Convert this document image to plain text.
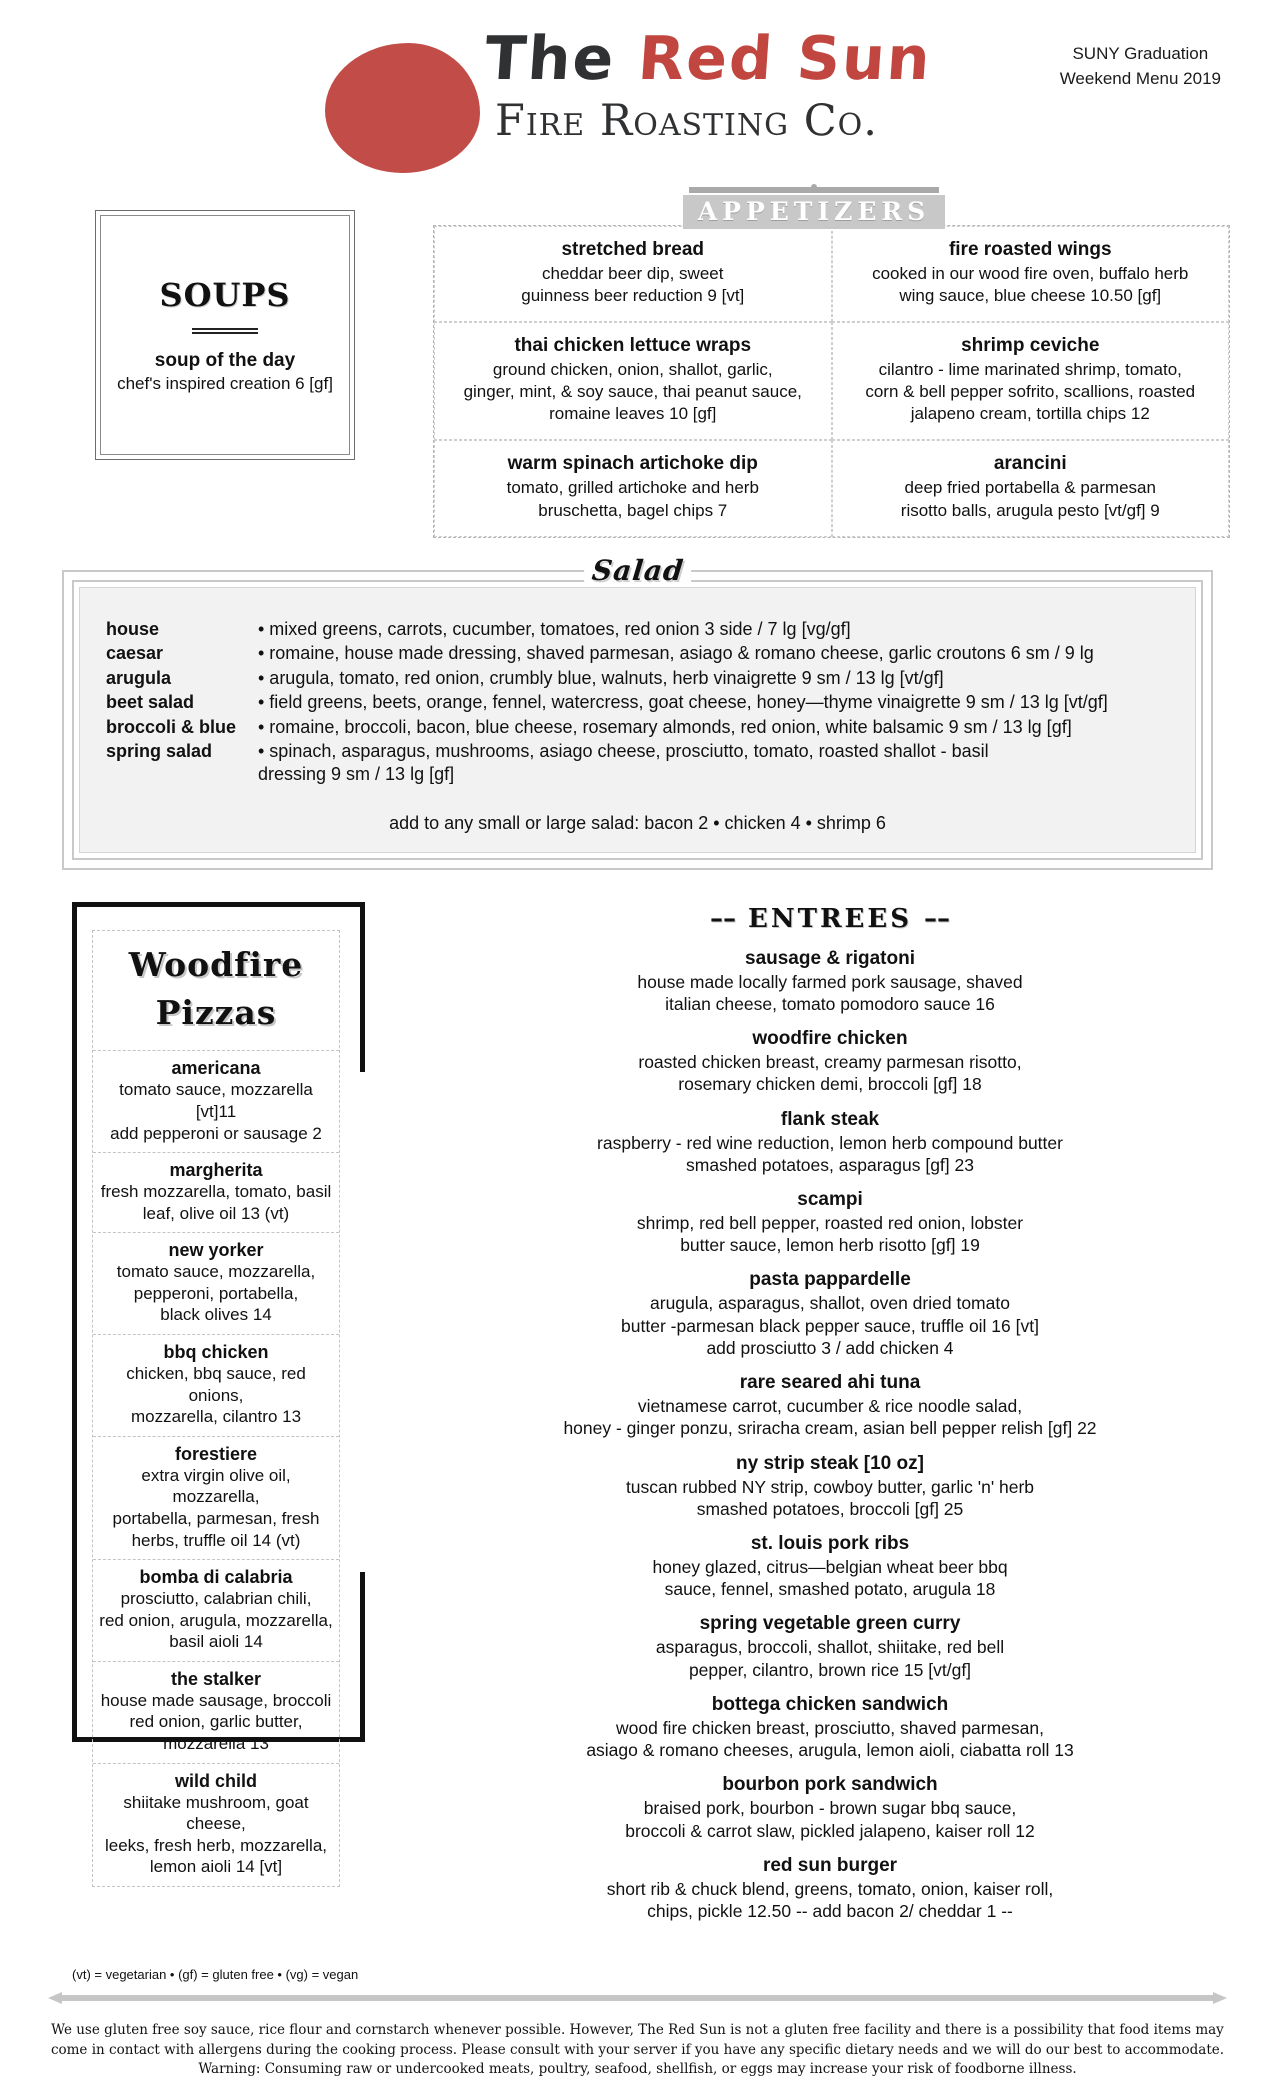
The Red Sun
Fire Roasting Co.
SUNY Graduation
Weekend Menu 2019
APPETIZERS
SOUPS
soup of the day
chef's inspired creation 6 [gf]
stretched bread
cheddar beer dip, sweet
guinness beer reduction 9 [vt]
fire roasted wings
cooked in our wood fire oven, buffalo herb
wing sauce, blue cheese 10.50 [gf]
thai chicken lettuce wraps
ground chicken, onion, shallot, garlic,
ginger, mint, & soy sauce, thai peanut sauce,
romaine leaves 10 [gf]
shrimp ceviche
cilantro - lime marinated shrimp, tomato,
corn & bell pepper sofrito, scallions, roasted
jalapeno cream, tortilla chips 12
warm spinach artichoke dip
tomato, grilled artichoke and herb
bruschetta, bagel chips 7
arancini
deep fried portabella & parmesan
risotto balls, arugula pesto [vt/gf] 9
Salad
house	• mixed greens, carrots, cucumber, tomatoes, red onion 3 side / 7 lg [vg/gf]
caesar	• romaine, house made dressing, shaved parmesan, asiago & romano cheese, garlic croutons 6 sm / 9 lg
arugula	• arugula, tomato, red onion, crumbly blue, walnuts, herb vinaigrette 9 sm / 13 lg [vt/gf]
beet salad	• field greens, beets, orange, fennel, watercress, goat cheese, honey—thyme vinaigrette 9 sm / 13 lg [vt/gf]
broccoli & blue	• romaine, broccoli, bacon, blue cheese, rosemary almonds, red onion, white balsamic 9 sm / 13 lg [gf]
spring salad	• spinach, asparagus, mushrooms, asiago cheese, prosciutto, tomato, roasted shallot - basil
dressing 9 sm / 13 lg [gf]
add to any small or large salad: bacon 2 • chicken 4 • shrimp 6
Woodfire
Pizzas
americana
tomato sauce, mozzarella [vt]11
add pepperoni or sausage 2
margherita
fresh mozzarella, tomato, basil
leaf, olive oil 13 (vt)
new yorker
tomato sauce, mozzarella,
pepperoni, portabella,
black olives 14
bbq chicken
chicken, bbq sauce, red onions,
mozzarella, cilantro 13
forestiere
extra virgin olive oil, mozzarella,
portabella, parmesan, fresh
herbs, truffle oil 14 (vt)
bomba di calabria
prosciutto, calabrian chili,
red onion, arugula, mozzarella,
basil aioli 14
the stalker
house made sausage, broccoli
red onion, garlic butter,
mozzarella 13
wild child
shiitake mushroom, goat cheese,
leeks, fresh herb, mozzarella,
lemon aioli 14 [vt]
–– ENTREES ––
sausage & rigatoni
house made locally farmed pork sausage, shaved
italian cheese, tomato pomodoro sauce 16
woodfire chicken
roasted chicken breast, creamy parmesan risotto,
rosemary chicken demi, broccoli [gf] 18
flank steak
raspberry - red wine reduction, lemon herb compound butter
smashed potatoes, asparagus [gf] 23
scampi
shrimp, red bell pepper, roasted red onion, lobster
butter sauce, lemon herb risotto [gf] 19
pasta pappardelle
arugula, asparagus, shallot, oven dried tomato
butter -parmesan black pepper sauce, truffle oil 16 [vt]
add prosciutto 3 / add chicken 4
rare seared ahi tuna
vietnamese carrot, cucumber & rice noodle salad,
honey - ginger ponzu, sriracha cream, asian bell pepper relish [gf] 22
ny strip steak [10 oz]
tuscan rubbed NY strip, cowboy butter, garlic 'n' herb
smashed potatoes, broccoli [gf] 25
st. louis pork ribs
honey glazed, citrus—belgian wheat beer bbq
sauce, fennel, smashed potato, arugula 18
spring vegetable green curry
asparagus, broccoli, shallot, shiitake, red bell
pepper, cilantro, brown rice 15 [vt/gf]
bottega chicken sandwich
wood fire chicken breast, prosciutto, shaved parmesan,
asiago & romano cheeses, arugula, lemon aioli, ciabatta roll 13
bourbon pork sandwich
braised pork, bourbon - brown sugar bbq sauce,
broccoli & carrot slaw, pickled jalapeno, kaiser roll 12
red sun burger
short rib & chuck blend, greens, tomato, onion, kaiser roll,
chips, pickle 12.50 -- add bacon 2/ cheddar 1 --
(vt) = vegetarian • (gf) = gluten free • (vg) = vegan
We use gluten free soy sauce, rice flour and cornstarch whenever possible. However, The Red Sun is not a gluten free facility and there is a possibility that food items may come in contact with allergens during the cooking process. Please consult with your server if you have any specific dietary needs and we will do our best to accommodate. Warning: Consuming raw or undercooked meats, poultry, seafood, shellfish, or eggs may increase your risk of foodborne illness.
